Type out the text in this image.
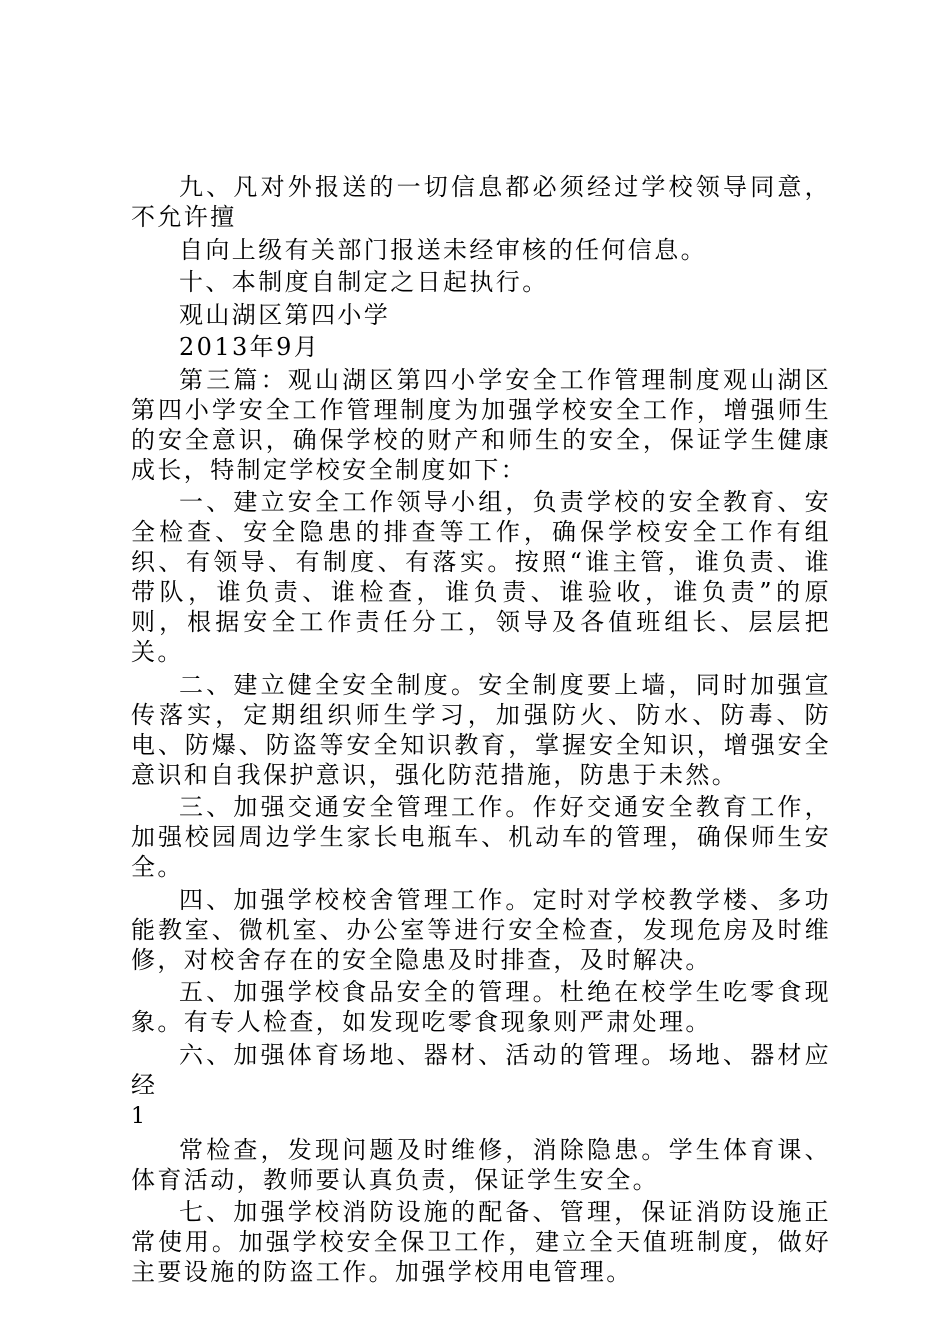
九、凡对外报送的一切信息都必须经过学校领导同意，不允许擅

自向上级有关部门报送未经审核的任何信息。

十、本制度自制定之日起执行。

观山湖区第四小学

2013年9月

第三篇：观山湖区第四小学安全工作管理制度观山湖区第四小学安全工作管理制度为加强学校安全工作，增强师生的安全意识，确保学校的财产和师生的安全，保证学生健康成长，特制定学校安全制度如下：

一、建立安全工作领导小组，负责学校的安全教育、安全检查、安全隐患的排查等工作，确保学校安全工作有组织、有领导、有制度、有落实。按照“谁主管，谁负责、谁带队，谁负责、谁检查，谁负责、谁验收，谁负责”的原则，根据安全工作责任分工，领导及各值班组长、层层把关。

二、建立健全安全制度。安全制度要上墙，同时加强宣传落实，定期组织师生学习，加强防火、防水、防毒、防电、防爆、防盗等安全知识教育，掌握安全知识，增强安全意识和自我保护意识，强化防范措施，防患于未然。

三、加强交通安全管理工作。作好交通安全教育工作，加强校园周边学生家长电瓶车、机动车的管理，确保师生安全。

四、加强学校校舍管理工作。定时对学校教学楼、多功能教室、微机室、办公室等进行安全检查，发现危房及时维修，对校舍存在的安全隐患及时排查，及时解决。

五、加强学校食品安全的管理。杜绝在校学生吃零食现象。有专人检查，如发现吃零食现象则严肃处理。

六、加强体育场地、器材、活动的管理。场地、器材应经

1

常检查，发现问题及时维修，消除隐患。学生体育课、体育活动，教师要认真负责，保证学生安全。

七、加强学校消防设施的配备、管理，保证消防设施正常使用。加强学校安全保卫工作，建立全天值班制度，做好主要设施的防盗工作。加强学校用电管理。
